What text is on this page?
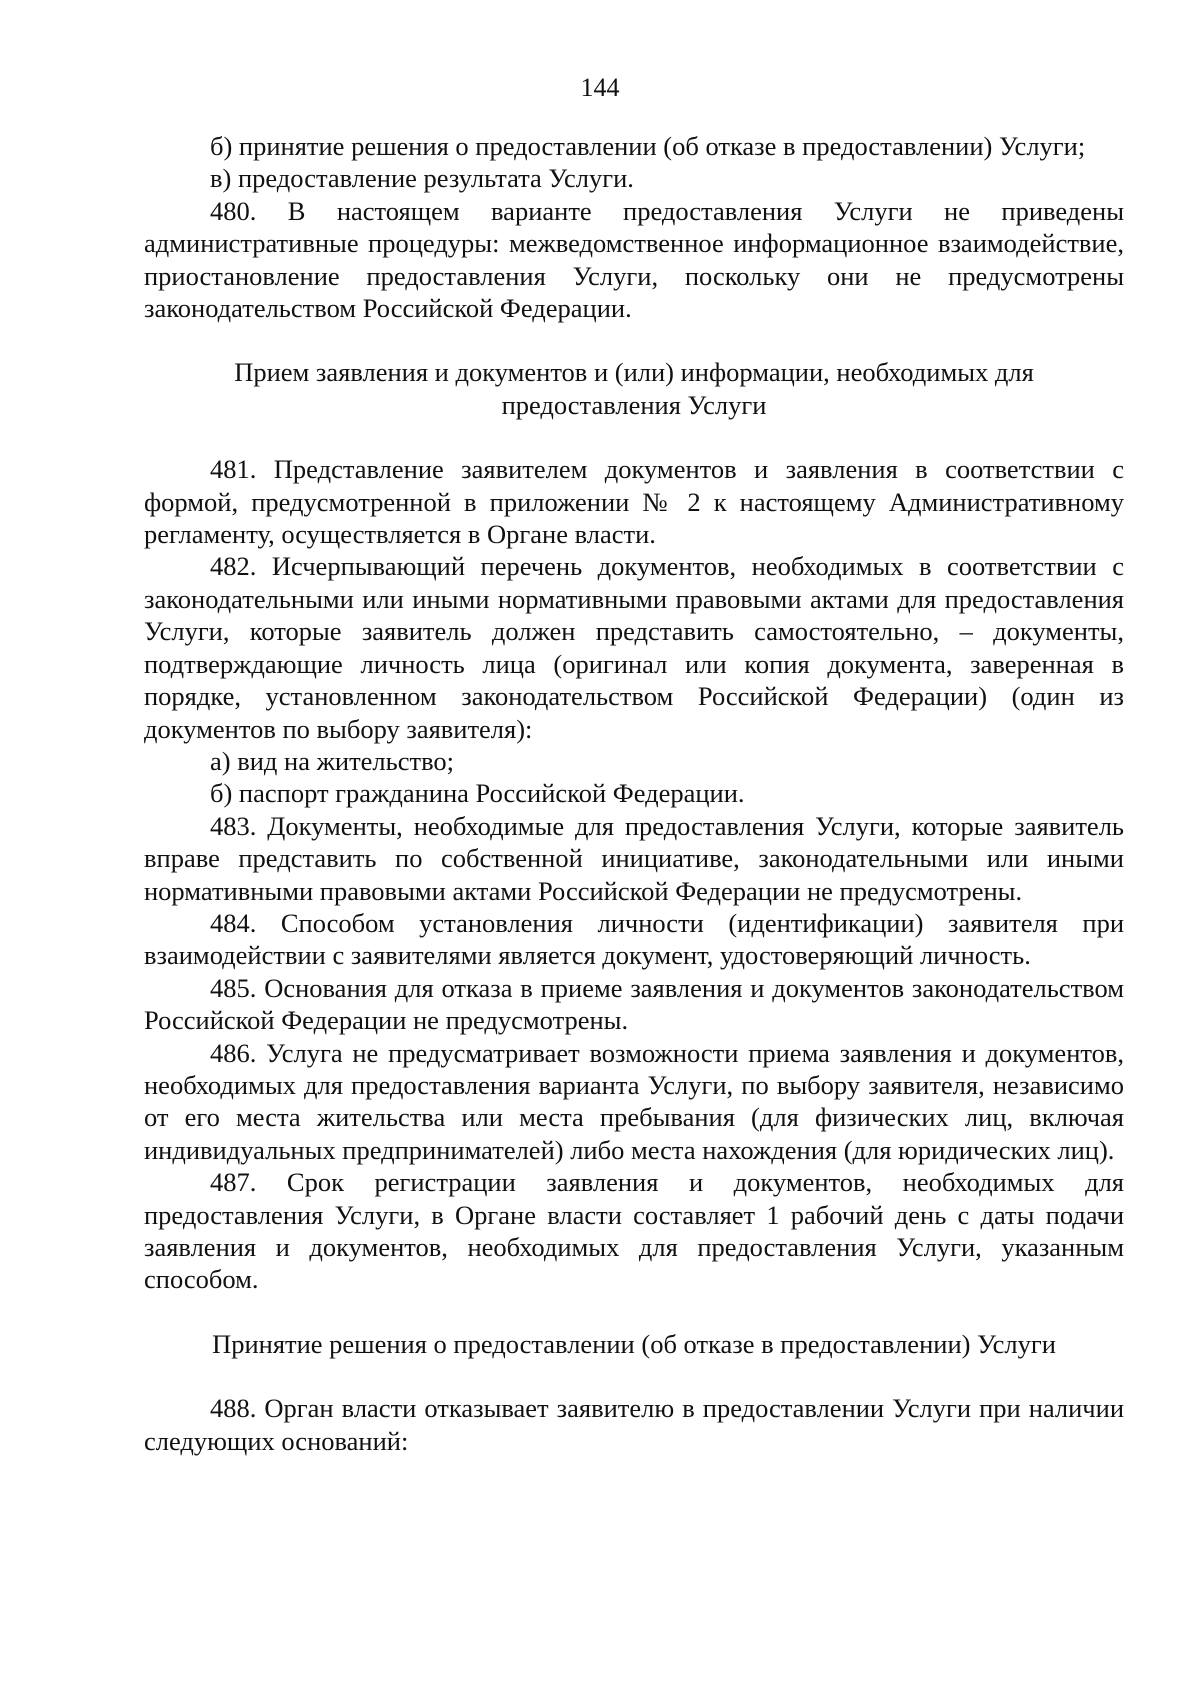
144

б) принятие решения о предоставлении (об отказе в предоставлении) Услуги;

в) предоставление результата Услуги.

480. В настоящем варианте предоставления Услуги не приведены административные процедуры: межведомственное информационное взаимодействие, приостановление предоставления Услуги, поскольку они не предусмотрены законодательством Российской Федерации.

Прием заявления и документов и (или) информации, необходимых для предоставления Услуги

481. Представление заявителем документов и заявления в соответствии с формой, предусмотренной в приложении № 2 к настоящему Административному регламенту, осуществляется в Органе власти.

482. Исчерпывающий перечень документов, необходимых в соответствии с законодательными или иными нормативными правовыми актами для предоставления Услуги, которые заявитель должен представить самостоятельно, – документы, подтверждающие личность лица (оригинал или копия документа, заверенная в порядке, установленном законодательством Российской Федерации) (один из документов по выбору заявителя):

а) вид на жительство;

б) паспорт гражданина Российской Федерации.

483. Документы, необходимые для предоставления Услуги, которые заявитель вправе представить по собственной инициативе, законодательными или иными нормативными правовыми актами Российской Федерации не предусмотрены.

484. Способом установления личности (идентификации) заявителя при взаимодействии с заявителями является документ, удостоверяющий личность.

485. Основания для отказа в приеме заявления и документов законодательством Российской Федерации не предусмотрены.

486. Услуга не предусматривает возможности приема заявления и документов, необходимых для предоставления варианта Услуги, по выбору заявителя, независимо от его места жительства или места пребывания (для физических лиц, включая индивидуальных предпринимателей) либо места нахождения (для юридических лиц).

487. Срок регистрации заявления и документов, необходимых для предоставления Услуги, в Органе власти составляет 1 рабочий день с даты подачи заявления и документов, необходимых для предоставления Услуги, указанным способом.

Принятие решения о предоставлении (об отказе в предоставлении) Услуги

488. Орган власти отказывает заявителю в предоставлении Услуги при наличии следующих оснований:
